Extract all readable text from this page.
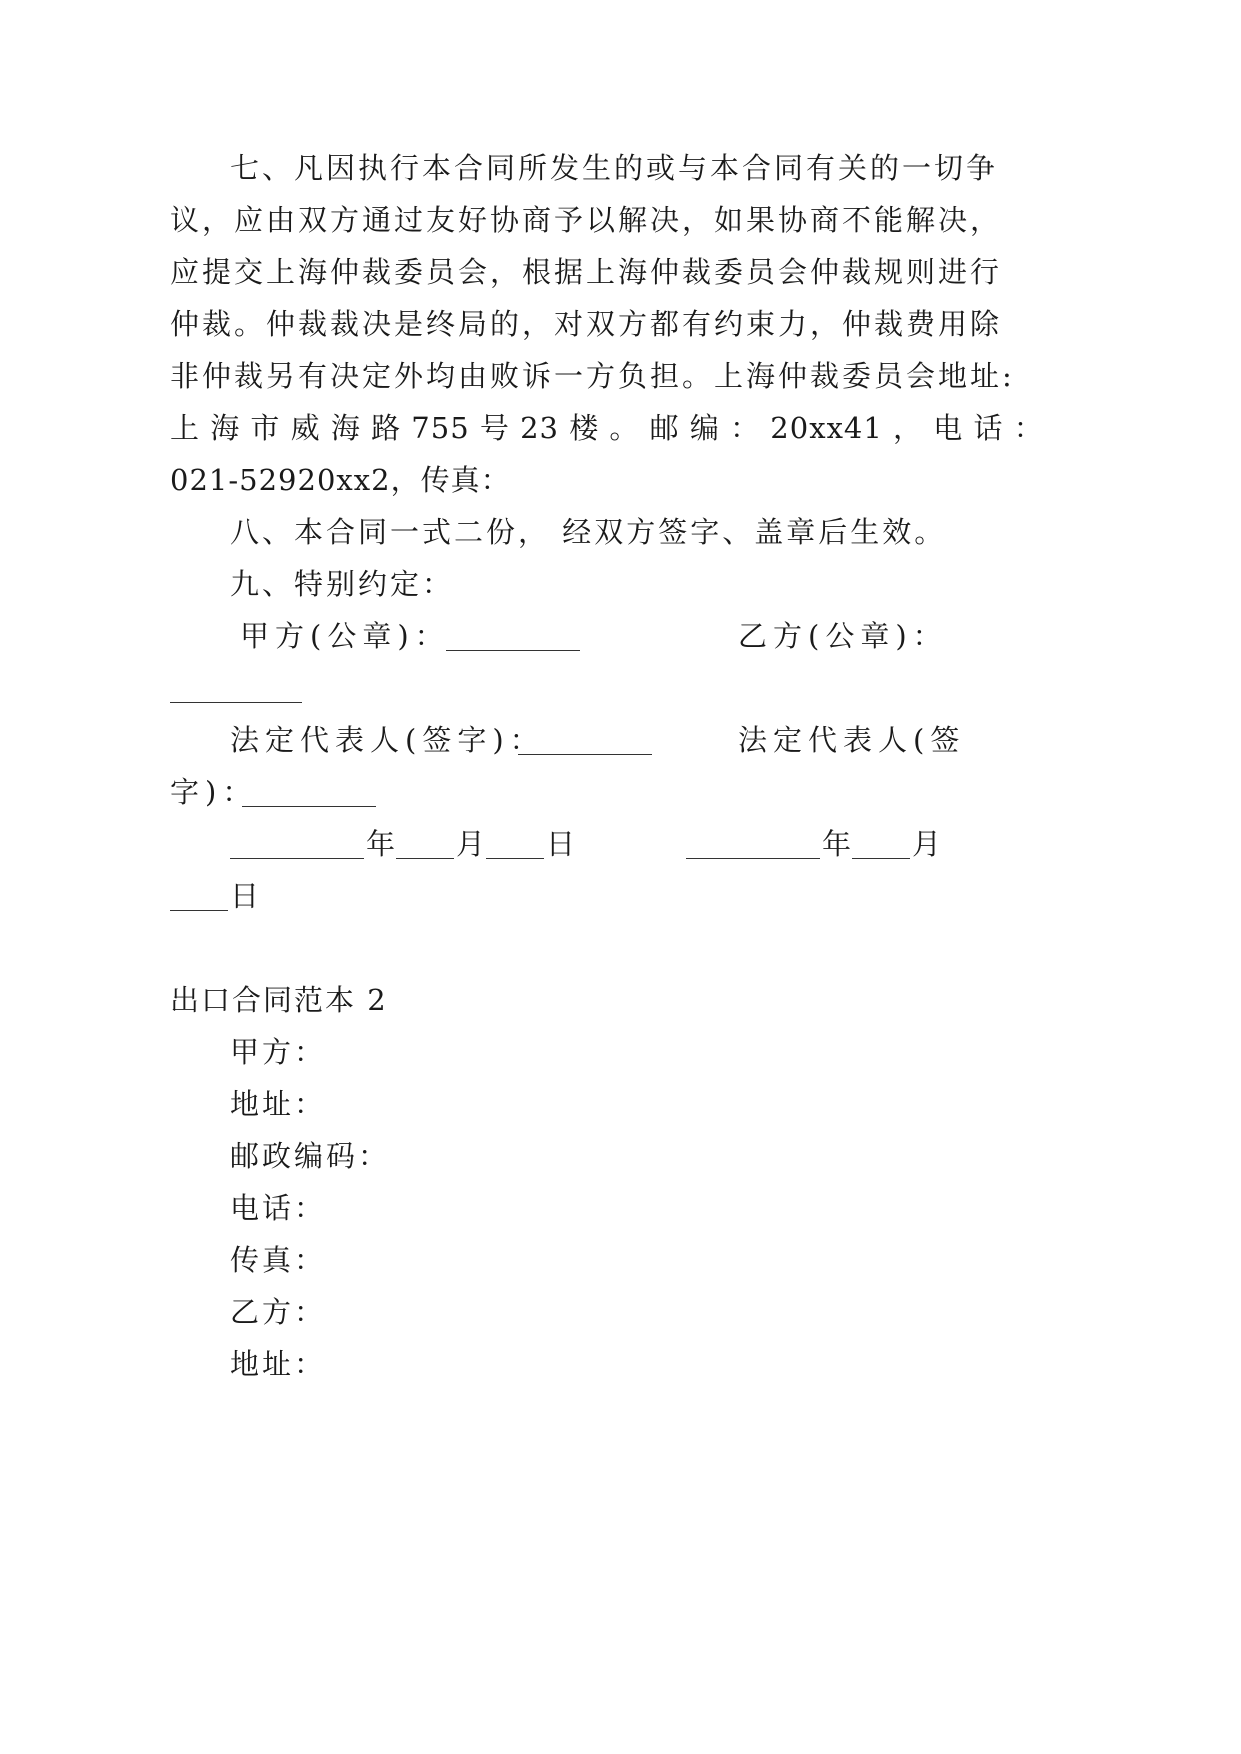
七、凡因执行本合同所发生的或与本合同有关的一切争
议，应由双方通过友好协商予以解决，如果协商不能解决，
应提交上海仲裁委员会，根据上海仲裁委员会仲裁规则进行
仲裁。仲裁裁决是终局的，对双方都有约束力，仲裁费用除
非仲裁另有决定外均由败诉一方负担。上海仲裁委员会地址:
上 海 市 威 海 路 755 号 23 楼 。 邮 编 ： 20xx41 ， 电 话 ：
021-52920xx2，传真：
八、本合同一式二份， 经双方签字、盖章后生效。
九、特别约定：
甲方(公章)：	乙方(公章)：
法定代表人(签字)：	法定代表人(签
字)：
年 月 日	年 月
日
出口合同范本 2
甲方：
地址：
邮政编码：
电话：
传真：
乙方：
地址：
